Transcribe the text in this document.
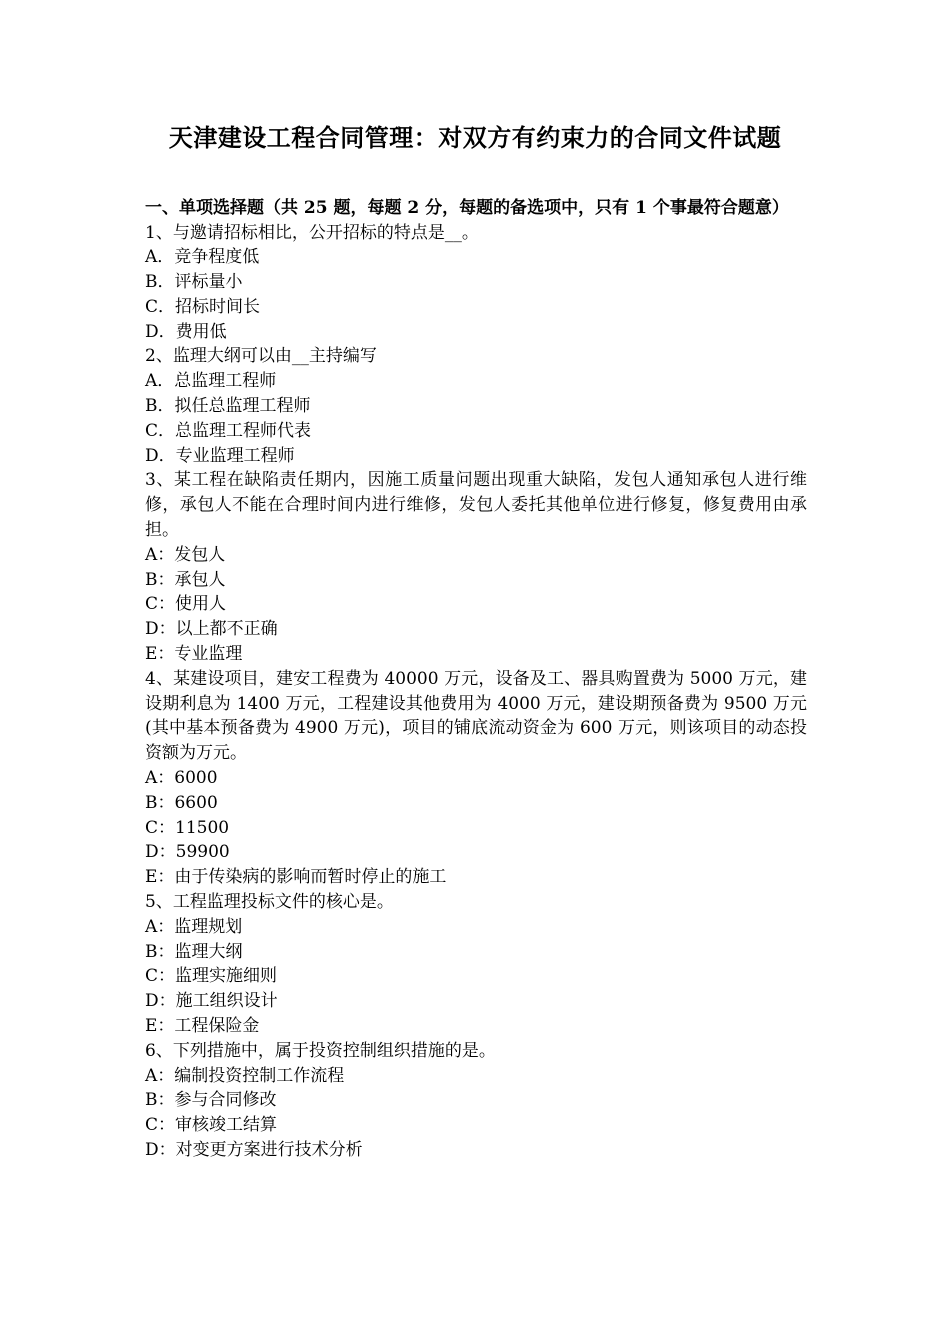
天津建设工程合同管理：对双方有约束力的合同文件试题

一、单项选择题（共 25 题，每题 2 分，每题的备选项中，只有 1 个事最符合题意）

1、与邀请招标相比，公开招标的特点是__。

A．竞争程度低

B．评标量小

C．招标时间长

D．费用低

2、监理大纲可以由__主持编写

A．总监理工程师

B．拟任总监理工程师

C．总监理工程师代表

D．专业监理工程师

3、某工程在缺陷责任期内，因施工质量问题出现重大缺陷，发包人通知承包人进行维修，承包人不能在合理时间内进行维修，发包人委托其他单位进行修复，修复费用由承担。

A：发包人

B：承包人

C：使用人

D：以上都不正确

E：专业监理

4、某建设项目，建安工程费为 40000 万元，设备及工、器具购置费为 5000 万元，建设期利息为 1400 万元，工程建设其他费用为 4000 万元，建设期预备费为 9500 万元(其中基本预备费为 4900 万元)，项目的铺底流动资金为 600 万元，则该项目的动态投资额为万元。

A：6000

B：6600

C：11500

D：59900

E：由于传染病的影响而暂时停止的施工

5、工程监理投标文件的核心是。

A：监理规划

B：监理大纲

C：监理实施细则

D：施工组织设计

E：工程保险金

6、下列措施中，属于投资控制组织措施的是。

A：编制投资控制工作流程

B：参与合同修改

C：审核竣工结算

D：对变更方案进行技术分析
